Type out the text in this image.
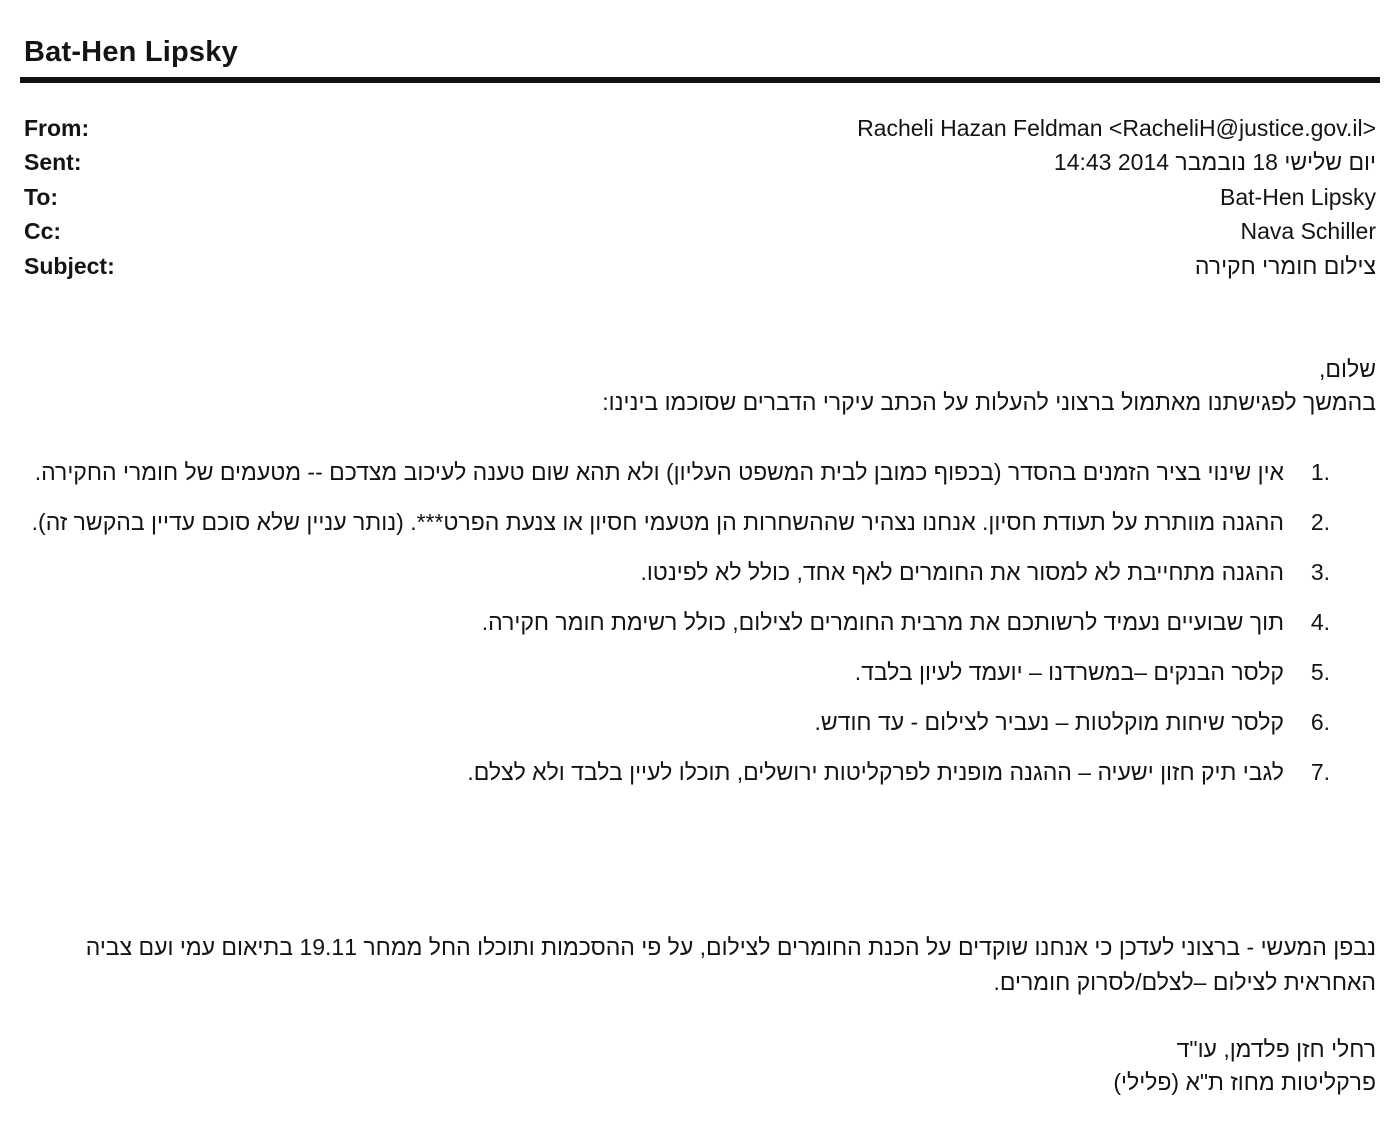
Bat-Hen Lipsky
From:	Racheli Hazan Feldman <RacheliH@justice.gov.il>
Sent:	יום שלישי 18 נובמבר 2014 14:43
To:	Bat-Hen Lipsky
Cc:	Nava Schiller
Subject:	צילום חומרי חקירה
שלום,
בהמשך לפגישתנו מאתמול ברצוני להעלות על הכתב עיקרי הדברים שסוכמו בינינו:
1.
אין שינוי בציר הזמנים בהסדר (בכפוף כמובן לבית המשפט העליון) ולא תהא שום טענה לעיכוב מצדכם -- מטעמים של חומרי החקירה.
2.
ההגנה מוותרת על תעודת חסיון. אנחנו נצהיר שההשחרות הן מטעמי חסיון או צנעת הפרט***. (נותר עניין שלא סוכם עדיין בהקשר זה).
3.
ההגנה מתחייבת לא למסור את החומרים לאף אחד, כולל לא לפינטו.
4.
תוך שבועיים נעמיד לרשותכם את מרבית החומרים לצילום, כולל רשימת חומר חקירה.
5.
קלסר הבנקים –במשרדנו – יועמד לעיון בלבד.
6.
קלסר שיחות מוקלטות – נעביר לצילום - עד חודש.
7.
לגבי תיק חזון ישעיה – ההגנה מופנית לפרקליטות ירושלים, תוכלו לעיין בלבד ולא לצלם.
נבפן המעשי - ברצוני לעדכן כי אנחנו שוקדים על הכנת החומרים לצילום, על פי ההסכמות ותוכלו החל ממחר 19.11 בתיאום עמי ועם צביה האחראית לצילום –לצלם/לסרוק חומרים.
רחלי חזן פלדמן, עו"ד
פרקליטות מחוז ת"א (פלילי)
